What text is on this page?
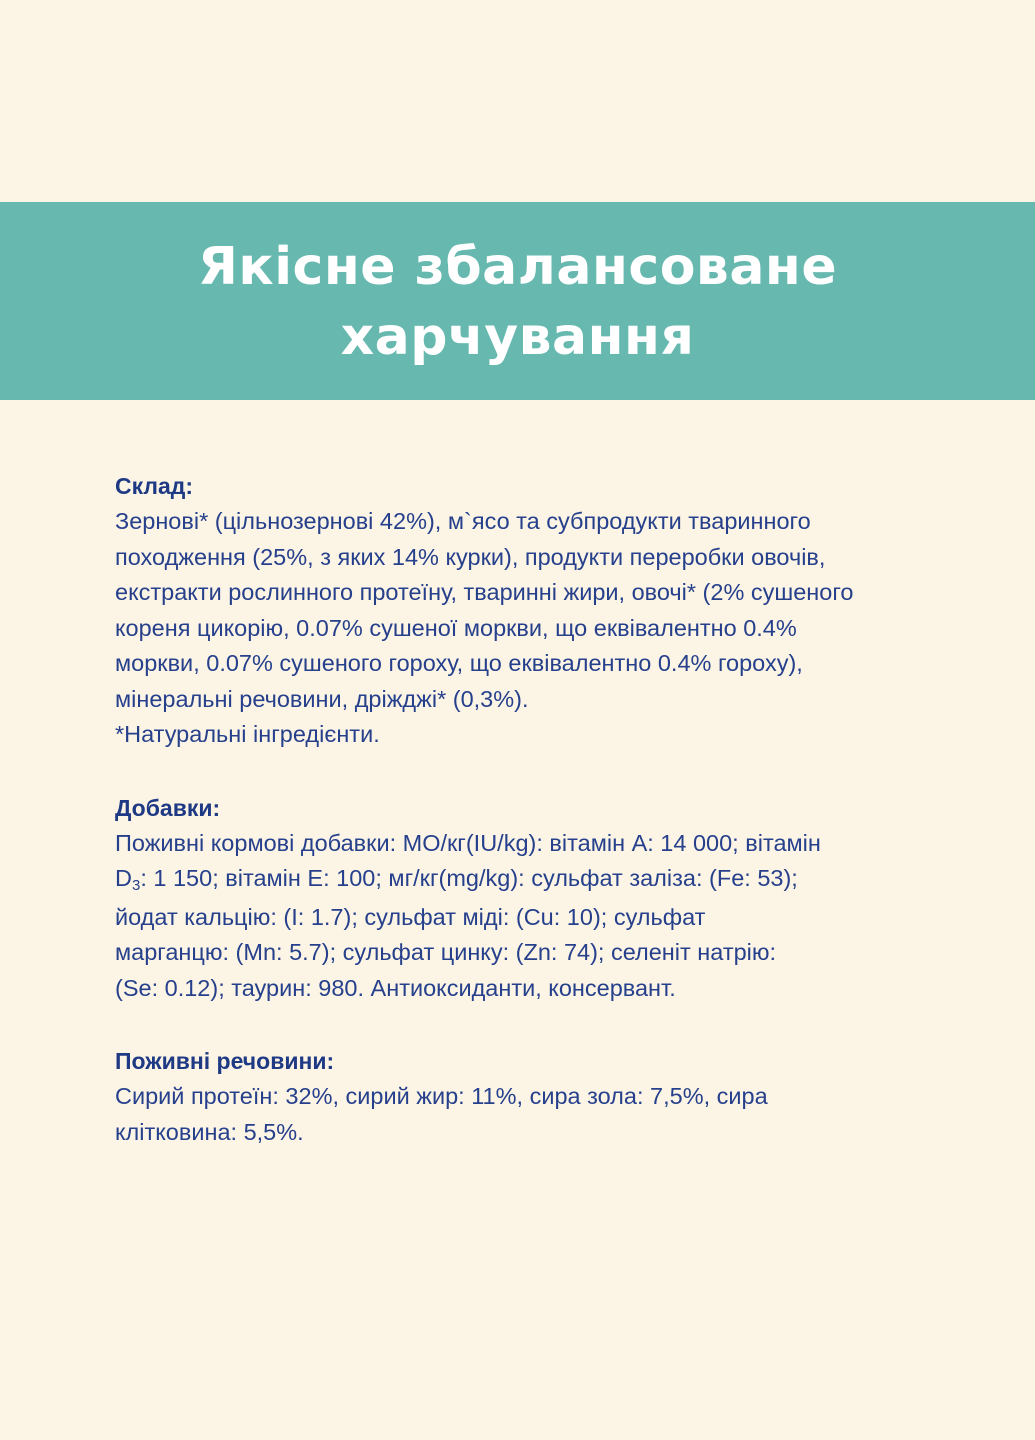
Якісне збалансоване
харчування
Склад:

Зернові* (цільнозернові 42%), м`ясо та субпродукти тваринного
походження (25%, з яких 14% курки), продукти переробки овочів,
екстракти рослинного протеїну, тваринні жири, овочі* (2% сушеного
кореня цикорію, 0.07% сушеної моркви, що еквівалентно 0.4%
моркви, 0.07% сушеного гороху, що еквівалентно 0.4% гороху),
мінеральні речовини, дріжджі* (0,3%).
*Натуральні інгредієнти.

Добавки:

Поживні кормові добавки: МО/кг(IU/kg): вітамін A: 14 000; вітамін
$D_3$: 1 150; вітамін E: 100; мг/кг(mg/kg): сульфат заліза: (Fe: 53);
йодат кальцію: (I: 1.7); сульфат міді: (Cu: 10); сульфат
марганцю: (Mn: 5.7); сульфат цинку: (Zn: 74); селеніт натрію:
(Se: 0.12); таурин: 980. Антиоксиданти, консервант.

Поживні речовини:

Сирий протеїн: 32%, сирий жир: 11%, сира зола: 7,5%, сира
клітковина: 5,5%.
